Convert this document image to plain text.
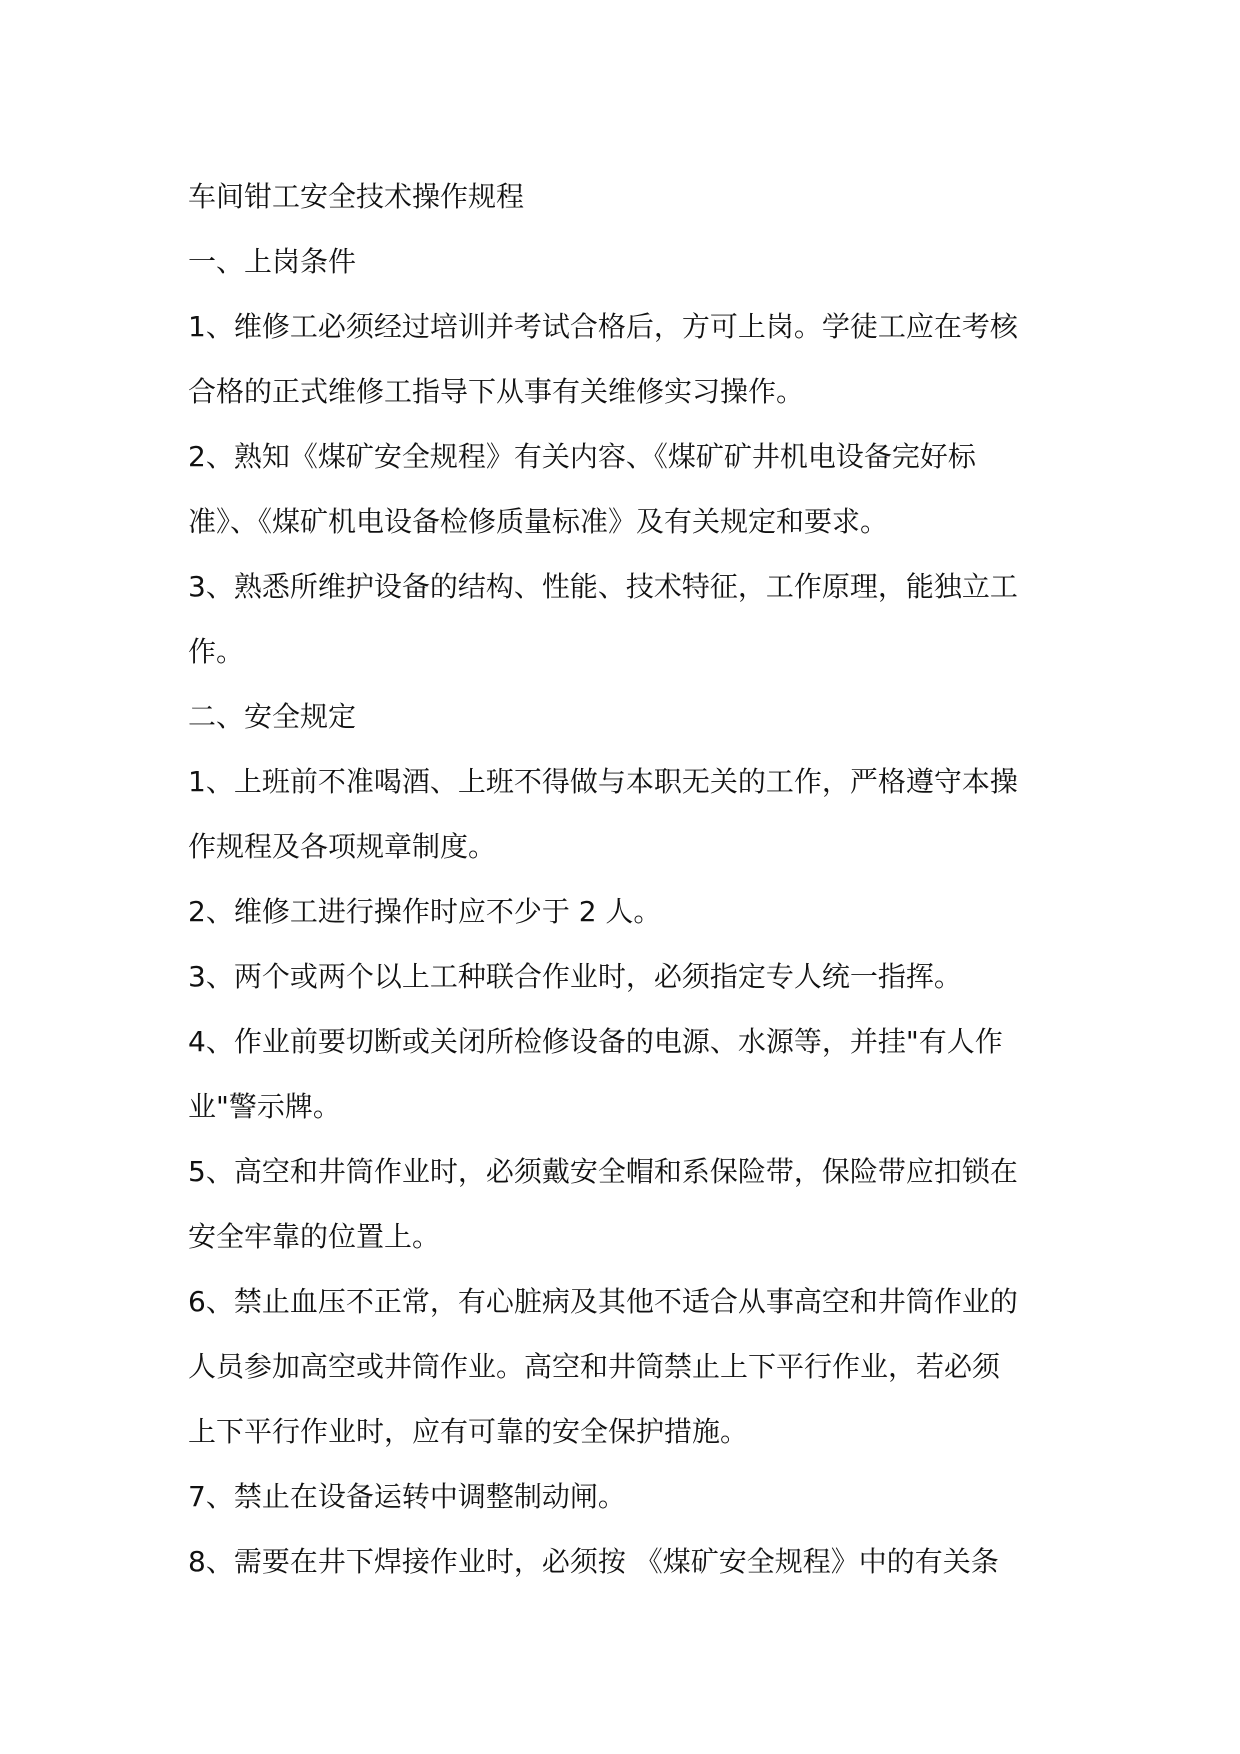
车间钳工安全技术操作规程

一、上岗条件

1、维修工必须经过培训并考试合格后，方可上岗。学徒工应在考核

合格的正式维修工指导下从事有关维修实习操作。

2、熟知《煤矿安全规程》有关内容、《煤矿矿井机电设备完好标

准》、《煤矿机电设备检修质量标准》及有关规定和要求。

3、熟悉所维护设备的结构、性能、技术特征，工作原理，能独立工

作。

二、安全规定

1、上班前不准喝酒、上班不得做与本职无关的工作，严格遵守本操

作规程及各项规章制度。

2、维修工进行操作时应不少于 2 人。

3、两个或两个以上工种联合作业时，必须指定专人统一指挥。

4、作业前要切断或关闭所检修设备的电源、水源等，并挂"有人作

业"警示牌。

5、高空和井筒作业时，必须戴安全帽和系保险带，保险带应扣锁在

安全牢靠的位置上。

6、禁止血压不正常，有心脏病及其他不适合从事高空和井筒作业的

人员参加高空或井筒作业。高空和井筒禁止上下平行作业，若必须

上下平行作业时，应有可靠的安全保护措施。

7、禁止在设备运转中调整制动闸。

8、需要在井下焊接作业时，必须按 《煤矿安全规程》中的有关条
